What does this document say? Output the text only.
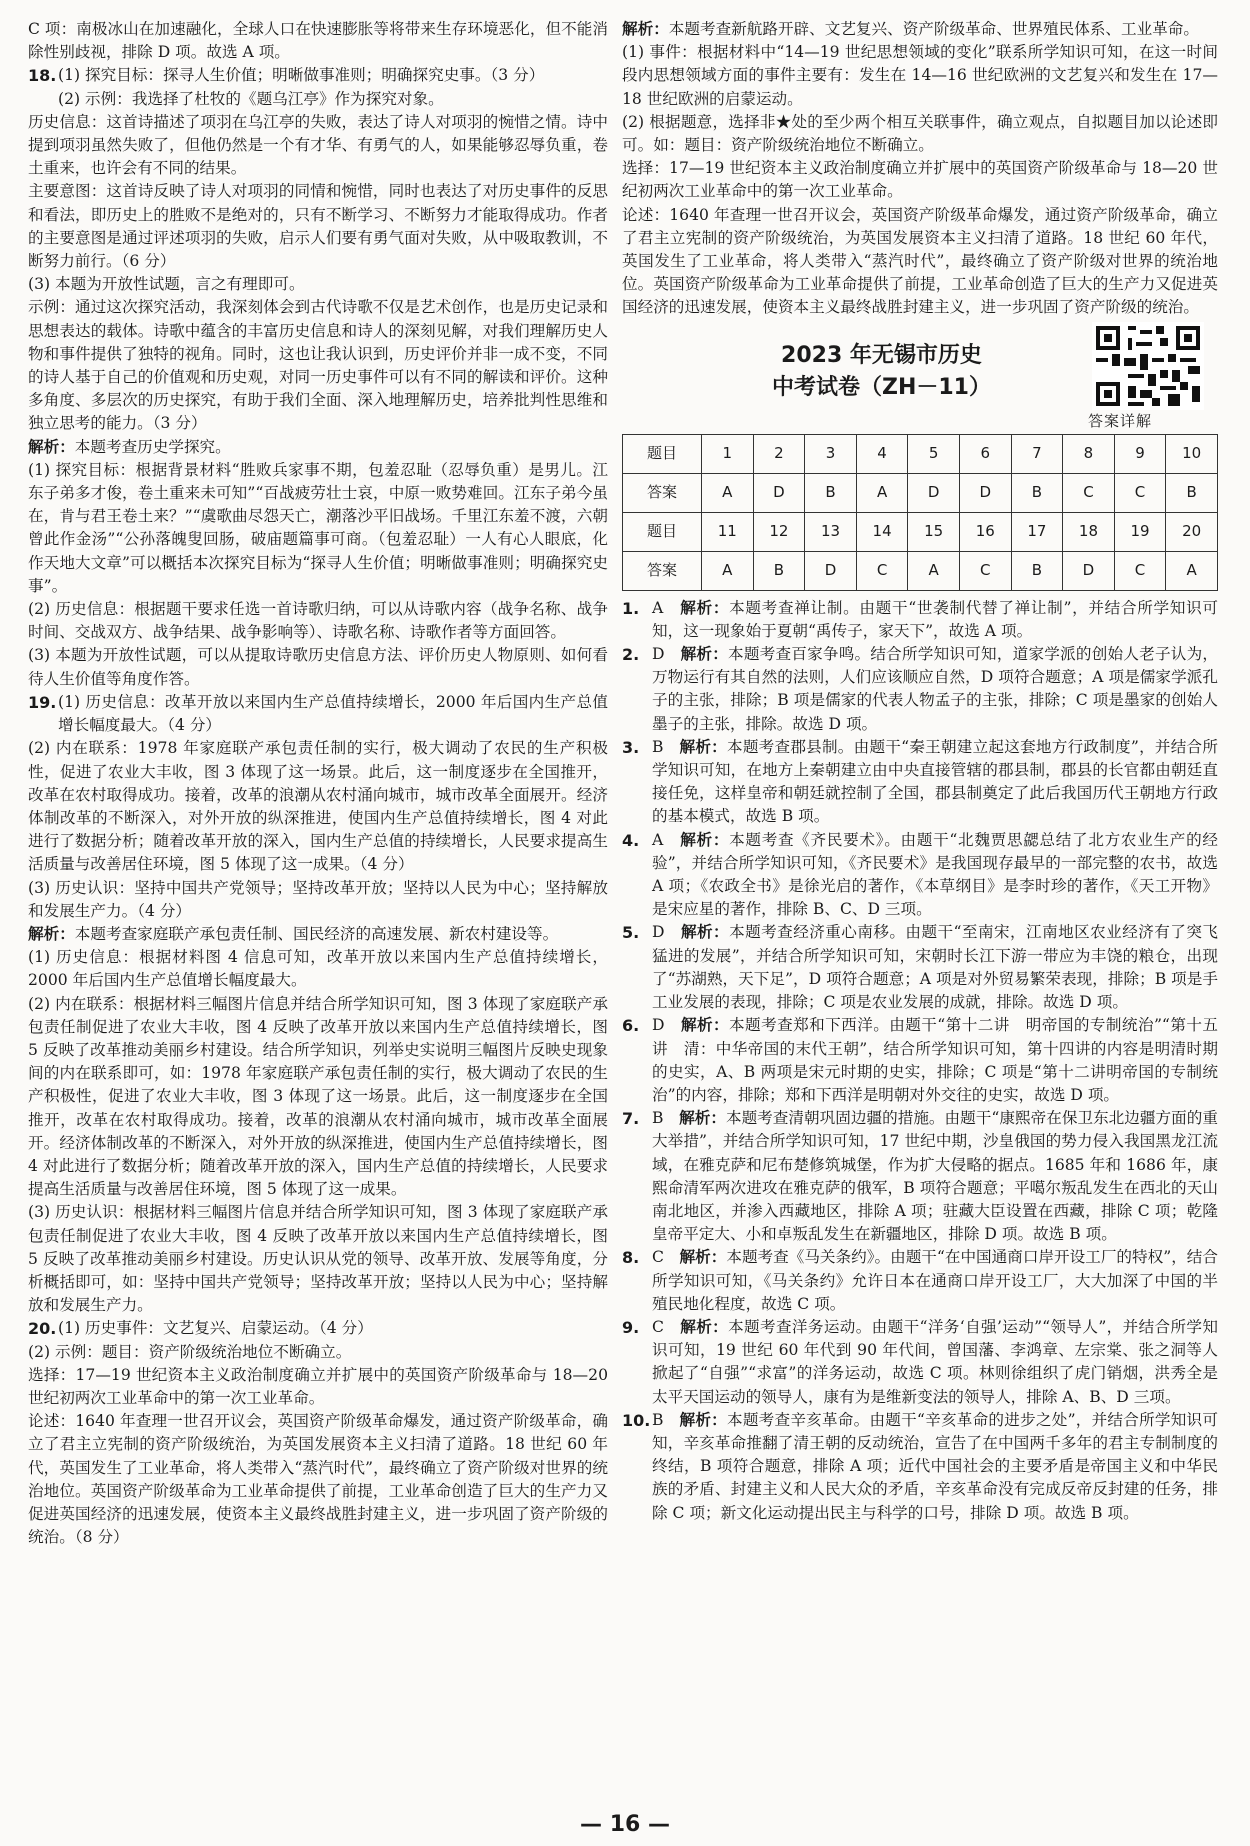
C 项：南极冰山在加速融化，全球人口在快速膨胀等将带来生存环境恶化，但不能消除性别歧视，排除 D 项。故选 A 项。

18. (1) 探究目标：探寻人生价值；明晰做事准则；明确探究史事。（3 分）

(2) 示例：我选择了杜牧的《题乌江亭》作为探究对象。

历史信息：这首诗描述了项羽在乌江亭的失败，表达了诗人对项羽的惋惜之情。诗中提到项羽虽然失败了，但他仍然是一个有才华、有勇气的人，如果能够忍辱负重，卷土重来，也许会有不同的结果。

主要意图：这首诗反映了诗人对项羽的同情和惋惜，同时也表达了对历史事件的反思和看法，即历史上的胜败不是绝对的，只有不断学习、不断努力才能取得成功。作者的主要意图是通过评述项羽的失败，启示人们要有勇气面对失败，从中吸取教训，不断努力前行。（6 分）

(3) 本题为开放性试题，言之有理即可。

示例：通过这次探究活动，我深刻体会到古代诗歌不仅是艺术创作，也是历史记录和思想表达的载体。诗歌中蕴含的丰富历史信息和诗人的深刻见解，对我们理解历史人物和事件提供了独特的视角。同时，这也让我认识到，历史评价并非一成不变，不同的诗人基于自己的价值观和历史观，对同一历史事件可以有不同的解读和评价。这种多角度、多层次的历史探究，有助于我们全面、深入地理解历史，培养批判性思维和独立思考的能力。（3 分）

解析：本题考查历史学探究。

(1) 探究目标：根据背景材料“胜败兵家事不期，包羞忍耻（忍辱负重）是男儿。江东子弟多才俊，卷土重来未可知”“百战疲劳壮士哀，中原一败势难回。江东子弟今虽在，肯与君王卷土来？”“虞歌曲尽怨天亡，潮落沙平旧战场。千里江东羞不渡，六朝曾此作金汤”“公孙落魄叟回肠，破庙题篇事可商。（包羞忍耻）一人有心人眼底，化作天地大文章”可以概括本次探究目标为“探寻人生价值；明晰做事准则；明确探究史事”。

(2) 历史信息：根据题干要求任选一首诗歌归纳，可以从诗歌内容（战争名称、战争时间、交战双方、战争结果、战争影响等）、诗歌名称、诗歌作者等方面回答。

(3) 本题为开放性试题，可以从提取诗歌历史信息方法、评价历史人物原则、如何看待人生价值等角度作答。

19. (1) 历史信息：改革开放以来国内生产总值持续增长，2000 年后国内生产总值增长幅度最大。（4 分）

(2) 内在联系：1978 年家庭联产承包责任制的实行，极大调动了农民的生产积极性，促进了农业大丰收，图 3 体现了这一场景。此后，这一制度逐步在全国推开，改革在农村取得成功。接着，改革的浪潮从农村涌向城市，城市改革全面展开。经济体制改革的不断深入，对外开放的纵深推进，使国内生产总值持续增长，图 4 对此进行了数据分析；随着改革开放的深入，国内生产总值的持续增长，人民要求提高生活质量与改善居住环境，图 5 体现了这一成果。（4 分）

(3) 历史认识：坚持中国共产党领导；坚持改革开放；坚持以人民为中心；坚持解放和发展生产力。（4 分）

解析：本题考查家庭联产承包责任制、国民经济的高速发展、新农村建设等。

(1) 历史信息：根据材料图 4 信息可知，改革开放以来国内生产总值持续增长，2000 年后国内生产总值增长幅度最大。

(2) 内在联系：根据材料三幅图片信息并结合所学知识可知，图 3 体现了家庭联产承包责任制促进了农业大丰收，图 4 反映了改革开放以来国内生产总值持续增长，图 5 反映了改革推动美丽乡村建设。结合所学知识，列举史实说明三幅图片反映史现象间的内在联系即可，如：1978 年家庭联产承包责任制的实行，极大调动了农民的生产积极性，促进了农业大丰收，图 3 体现了这一场景。此后，这一制度逐步在全国推开，改革在农村取得成功。接着，改革的浪潮从农村涌向城市，城市改革全面展开。经济体制改革的不断深入，对外开放的纵深推进，使国内生产总值持续增长，图 4 对此进行了数据分析；随着改革开放的深入，国内生产总值的持续增长，人民要求提高生活质量与改善居住环境，图 5 体现了这一成果。

(3) 历史认识：根据材料三幅图片信息并结合所学知识可知，图 3 体现了家庭联产承包责任制促进了农业大丰收，图 4 反映了改革开放以来国内生产总值持续增长，图 5 反映了改革推动美丽乡村建设。历史认识从党的领导、改革开放、发展等角度，分析概括即可，如：坚持中国共产党领导；坚持改革开放；坚持以人民为中心；坚持解放和发展生产力。

20. (1) 历史事件：文艺复兴、启蒙运动。（4 分）

(2) 示例：题目：资产阶级统治地位不断确立。

选择：17—19 世纪资本主义政治制度确立并扩展中的英国资产阶级革命与 18—20 世纪初两次工业革命中的第一次工业革命。

论述：1640 年查理一世召开议会，英国资产阶级革命爆发，通过资产阶级革命，确立了君主立宪制的资产阶级统治，为英国发展资本主义扫清了道路。18 世纪 60 年代，英国发生了工业革命，将人类带入“蒸汽时代”，最终确立了资产阶级对世界的统治地位。英国资产阶级革命为工业革命提供了前提，工业革命创造了巨大的生产力又促进英国经济的迅速发展，使资本主义最终战胜封建主义，进一步巩固了资产阶级的统治。（8 分）

解析：本题考查新航路开辟、文艺复兴、资产阶级革命、世界殖民体系、工业革命。

(1) 事件：根据材料中“14—19 世纪思想领域的变化”联系所学知识可知，在这一时间段内思想领域方面的事件主要有：发生在 14—16 世纪欧洲的文艺复兴和发生在 17—18 世纪欧洲的启蒙运动。

(2) 根据题意，选择非★处的至少两个相互关联事件，确立观点，自拟题目加以论述即可。如：题目：资产阶级统治地位不断确立。

选择：17—19 世纪资本主义政治制度确立并扩展中的英国资产阶级革命与 18—20 世纪初两次工业革命中的第一次工业革命。

论述：1640 年查理一世召开议会，英国资产阶级革命爆发，通过资产阶级革命，确立了君主立宪制的资产阶级统治，为英国发展资本主义扫清了道路。18 世纪 60 年代，英国发生了工业革命，将人类带入“蒸汽时代”，最终确立了资产阶级对世界的统治地位。英国资产阶级革命为工业革命提供了前提，工业革命创造了巨大的生产力又促进英国经济的迅速发展，使资本主义最终战胜封建主义，进一步巩固了资产阶级的统治。

2023 年无锡市历史
中考试卷（ZH－11）
答案详解
题目	1	2	3	4	5	6	7	8	9	10
答案	A	D	B	A	D	D	B	C	C	B
题目	11	12	13	14	15	16	17	18	19	20
答案	A	B	D	C	A	C	B	D	C	A
1. A　 解析：本题考查禅让制。由题干“世袭制代替了禅让制”，并结合所学知识可知，这一现象始于夏朝“禹传子，家天下”，故选 A 项。

2. D　 解析：本题考查百家争鸣。结合所学知识可知，道家学派的创始人老子认为，万物运行有其自然的法则，人们应该顺应自然，D 项符合题意；A 项是儒家学派孔子的主张，排除；B 项是儒家的代表人物孟子的主张，排除；C 项是墨家的创始人墨子的主张，排除。故选 D 项。

3. B　 解析：本题考查郡县制。由题干“秦王朝建立起这套地方行政制度”，并结合所学知识可知，在地方上秦朝建立由中央直接管辖的郡县制，郡县的长官都由朝廷直接任免，这样皇帝和朝廷就控制了全国，郡县制奠定了此后我国历代王朝地方行政的基本模式，故选 B 项。

4. A　 解析：本题考查《齐民要术》。由题干“北魏贾思勰总结了北方农业生产的经验”，并结合所学知识可知，《齐民要术》是我国现存最早的一部完整的农书，故选 A 项；《农政全书》是徐光启的著作，《本草纲目》是李时珍的著作，《天工开物》是宋应星的著作，排除 B、C、D 三项。

5. D　 解析：本题考查经济重心南移。由题干“至南宋，江南地区农业经济有了突飞猛进的发展”，并结合所学知识可知，宋朝时长江下游一带应为丰饶的粮仓，出现了“苏湖熟，天下足”，D 项符合题意；A 项是对外贸易繁荣表现，排除；B 项是手工业发展的表现，排除；C 项是农业发展的成就，排除。故选 D 项。

6. D　 解析：本题考查郑和下西洋。由题干“第十二讲　明帝国的专制统治”“第十五讲　清：中华帝国的末代王朝”，结合所学知识可知，第十四讲的内容是明清时期的史实，A、B 两项是宋元时期的史实，排除；C 项是“第十二讲明帝国的专制统治”的内容，排除；郑和下西洋是明朝对外交往的史实，故选 D 项。

7. B　 解析：本题考查清朝巩固边疆的措施。由题干“康熙帝在保卫东北边疆方面的重大举措”，并结合所学知识可知，17 世纪中期，沙皇俄国的势力侵入我国黑龙江流域，在雅克萨和尼布楚修筑城堡，作为扩大侵略的据点。1685 年和 1686 年，康熙命清军两次进攻在雅克萨的俄军，B 项符合题意；平噶尔叛乱发生在西北的天山南北地区，并渗入西藏地区，排除 A 项；驻藏大臣设置在西藏，排除 C 项；乾隆皇帝平定大、小和卓叛乱发生在新疆地区，排除 D 项。故选 B 项。

8. C　 解析：本题考查《马关条约》。由题干“在中国通商口岸开设工厂的特权”，结合所学知识可知，《马关条约》允许日本在通商口岸开设工厂，大大加深了中国的半殖民地化程度，故选 C 项。

9. C　 解析：本题考查洋务运动。由题干“洋务‘自强’运动”“领导人”，并结合所学知识可知，19 世纪 60 年代到 90 年代间，曾国藩、李鸿章、左宗棠、张之洞等人掀起了“自强”“求富”的洋务运动，故选 C 项。林则徐组织了虎门销烟，洪秀全是太平天国运动的领导人，康有为是维新变法的领导人，排除 A、B、D 三项。

10. B　 解析：本题考查辛亥革命。由题干“辛亥革命的进步之处”，并结合所学知识可知，辛亥革命推翻了清王朝的反动统治，宣告了在中国两千多年的君主专制制度的终结，B 项符合题意，排除 A 项；近代中国社会的主要矛盾是帝国主义和中华民族的矛盾、封建主义和人民大众的矛盾，辛亥革命没有完成反帝反封建的任务，排除 C 项；新文化运动提出民主与科学的口号，排除 D 项。故选 B 项。

— 16 —
